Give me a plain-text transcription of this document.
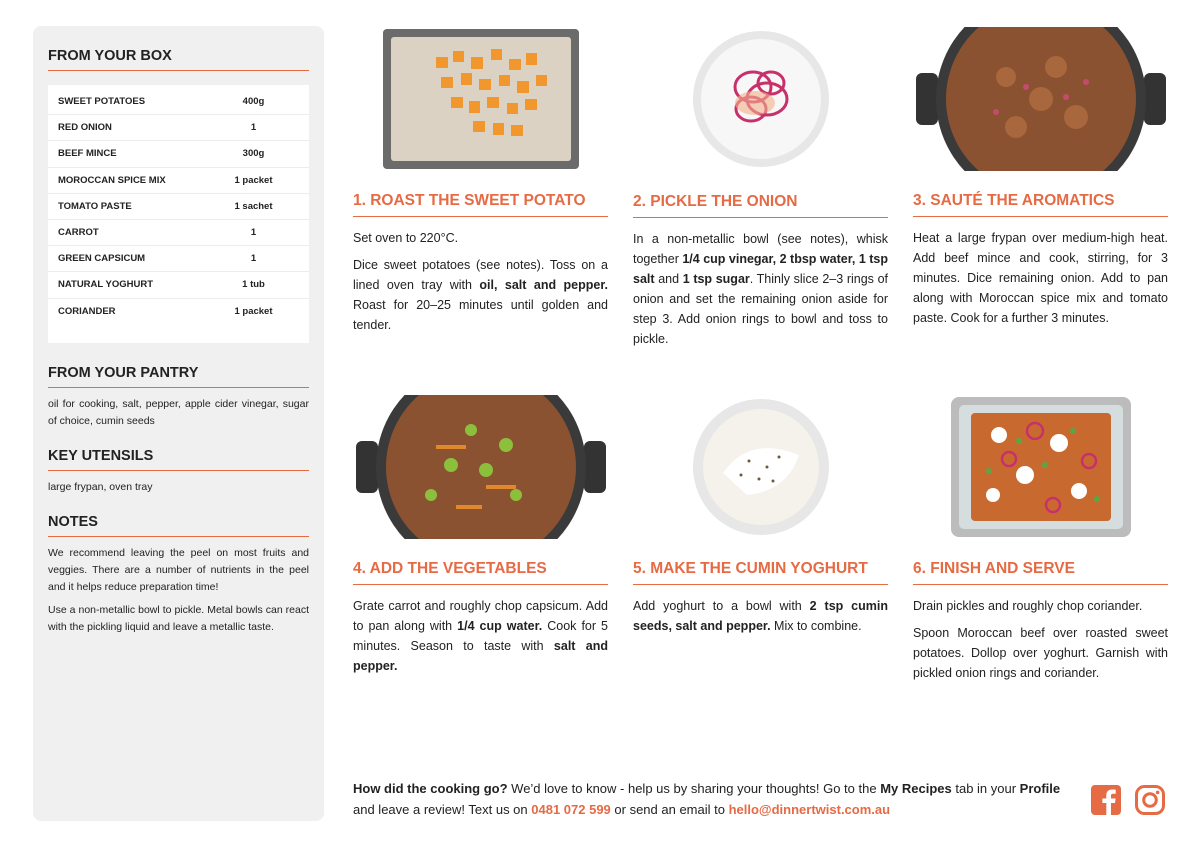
FROM YOUR BOX
SWEET POTATOES	400g
RED ONION	1
BEEF MINCE	300g
MOROCCAN SPICE MIX	1 packet
TOMATO PASTE	1 sachet
CARROT	1
GREEN CAPSICUM	1
NATURAL YOGHURT	1 tub
CORIANDER	1 packet
FROM YOUR PANTRY

oil for cooking, salt, pepper, apple cider vinegar, sugar of choice, cumin seeds

KEY UTENSILS

large frypan, oven tray

NOTES

We recommend leaving the peel on most fruits and veggies. There are a number of nutrients in the peel and it helps reduce preparation time!

Use a non-metallic bowl to pickle. Metal bowls can react with the pickling liquid and leave a metallic taste.

1. ROAST THE SWEET POTATO

Set oven to 220°C.

Dice sweet potatoes (see notes). Toss on a lined oven tray with oil, salt and pepper. Roast for 20–25 minutes until golden and tender.

2. PICKLE THE ONION

In a non-metallic bowl (see notes), whisk together 1/4 cup vinegar, 2 tbsp water, 1 tsp salt and 1 tsp sugar. Thinly slice 2–3 rings of onion and set the remaining onion aside for step 3. Add onion rings to bowl and toss to pickle.

3. SAUTÉ THE AROMATICS

Heat a large frypan over medium-high heat. Add beef mince and cook, stirring, for 3 minutes. Dice remaining onion. Add to pan along with Moroccan spice mix and tomato paste. Cook for a further 3 minutes.

4. ADD THE VEGETABLES

Grate carrot and roughly chop capsicum. Add to pan along with 1/4 cup water. Cook for 5 minutes. Season to taste with salt and pepper.

5. MAKE THE CUMIN YOGHURT

Add yoghurt to a bowl with 2 tsp cumin seeds, salt and pepper. Mix to combine.

6. FINISH AND SERVE

Drain pickles and roughly chop coriander.

Spoon Moroccan beef over roasted sweet potatoes. Dollop over yoghurt. Garnish with pickled onion rings and coriander.

How did the cooking go? We’d love to know - help us by sharing your thoughts! Go to the My Recipes tab in your Profile and leave a review! Text us on 0481 072 599 or send an email to hello@dinnertwist.com.au
